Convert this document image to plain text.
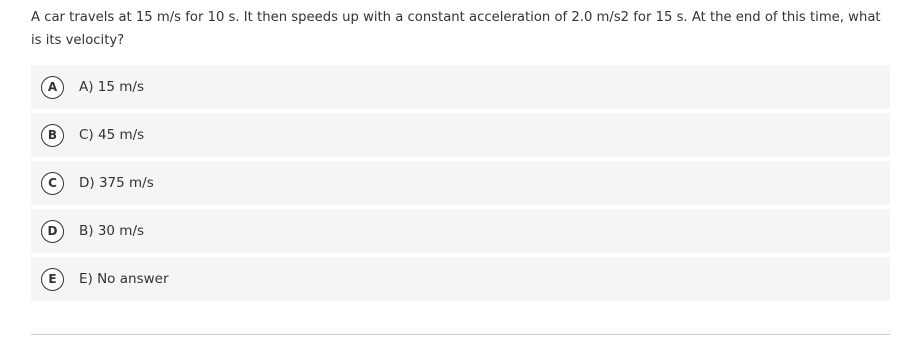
A car travels at 15 m/s for 10 s. It then speeds up with a constant acceleration of 2.0 m/s2 for 15 s. At the end of this time, what is its velocity?
A	A) 15 m/s
B	C) 45 m/s
C	D) 375 m/s
D	B) 30 m/s
E	E) No answer
